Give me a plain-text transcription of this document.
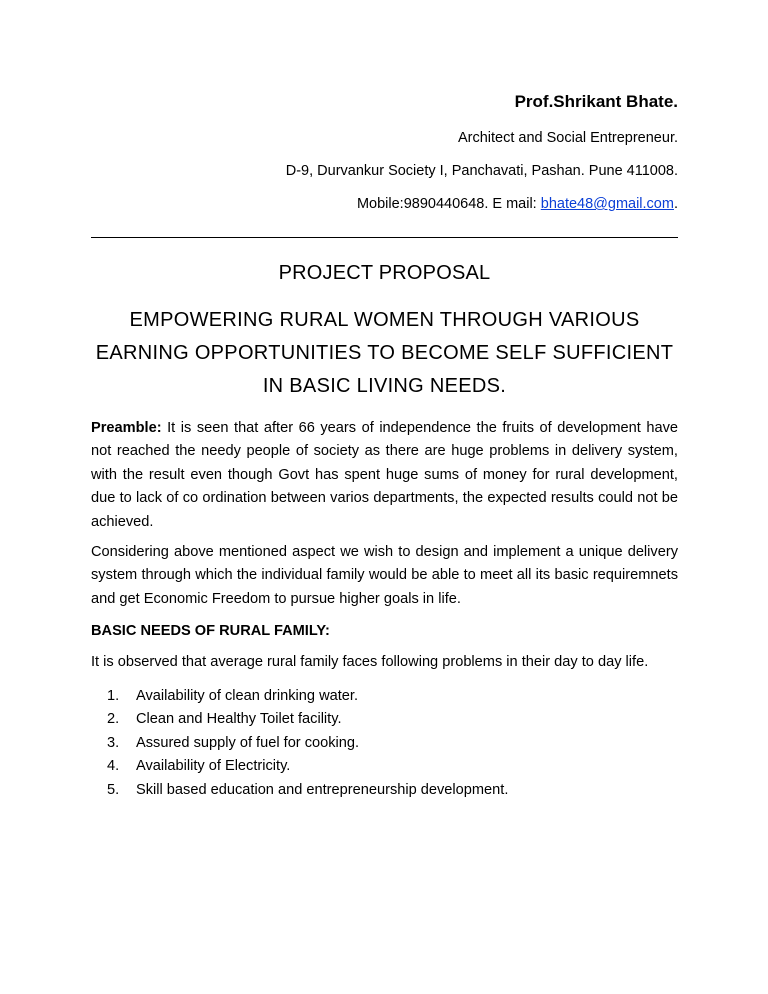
Prof.Shrikant Bhate.

Architect and Social Entrepreneur.

D-9, Durvankur Society I, Panchavati, Pashan. Pune 411008.

Mobile:9890440648. E mail: bhate48@gmail.com.

PROJECT PROPOSAL

EMPOWERING RURAL WOMEN THROUGH VARIOUS
EARNING OPPORTUNITIES TO BECOME SELF SUFFICIENT
IN BASIC LIVING NEEDS.

Preamble: It is seen that after 66 years of independence the fruits of development have not reached the needy people of society as there are huge problems in delivery system, with the result even though Govt has spent huge sums of money for rural development, due to lack of co ordination between varios departments, the expected results could not be achieved.

Considering above mentioned aspect we wish to design and implement a unique delivery system through which the individual family would be able to meet all its basic requiremnets and get Economic Freedom to pursue higher goals in life.

BASIC NEEDS OF RURAL FAMILY:

It is observed that average rural family faces following problems in their day to day life.

1.	Availability of clean drinking water.
2.	Clean and Healthy Toilet facility.
3.	Assured supply of fuel for cooking.
4.	Availability of Electricity.
5.	Skill based education and entrepreneurship development.
